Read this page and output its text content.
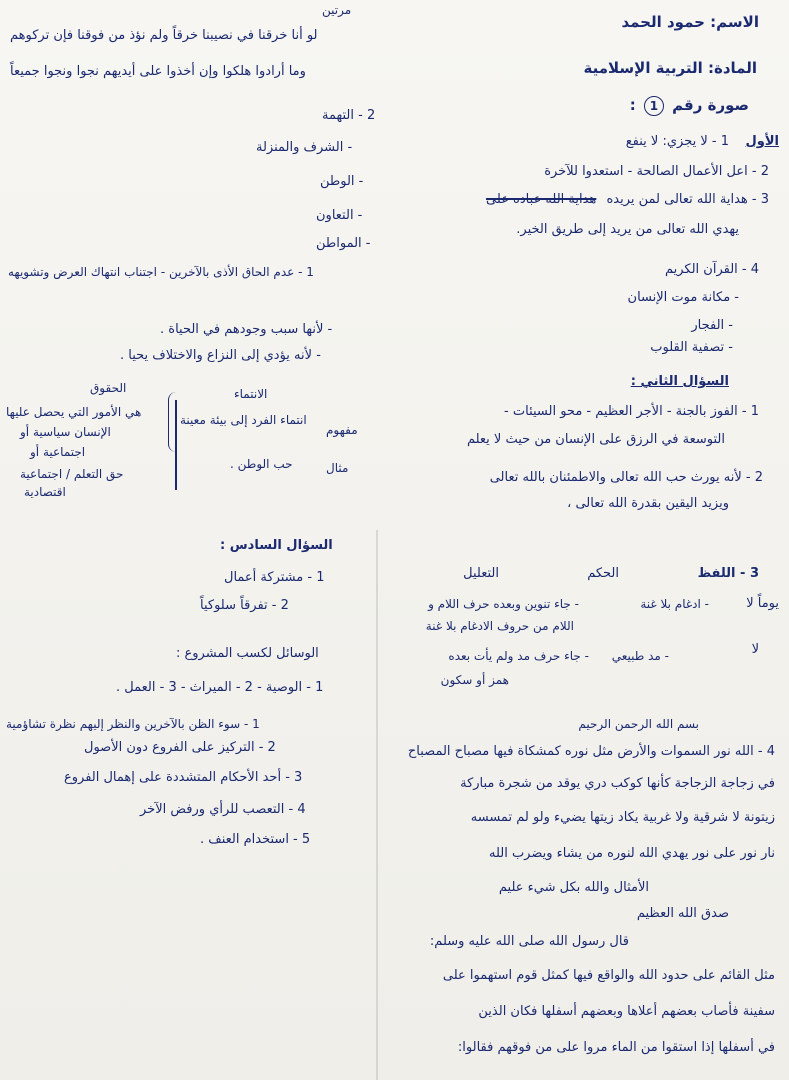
الاسم: حمود الحمد
المادة: التربية الإسلامية
صورة رقم 1 :
الأول
1 - لا يجزي: لا ينفع
2 - اعل الأعمال الصالحة - استعدوا للآخرة
3 - هداية الله تعالى لمن يريده هداية الله عباده على
يهدي الله تعالى من يريد إلى طريق الخير.
4 - القرآن الكريم
- مكانة موت الإنسان
- الفجار
- تصفية القلوب
السؤال الثاني :
1 - الفوز بالجنة - الأجر العظيم - محو السيئات -
التوسعة في الرزق على الإنسان من حيث لا يعلم
2 - لأنه يورث حب الله تعالى والاطمئنان بالله تعالى
ويزيد اليقين بقدرة الله تعالى ،
3 - اللفظ
الحكم
التعليل
يوماً لا
- ادغام بلا غنة
- جاء تنوين وبعده حرف اللام و
اللام من حروف الادغام بلا غنة
لا
- مد طبيعي
- جاء حرف مد ولم يأت بعده
همز أو سكون
بسم الله الرحمن الرحيم
4 - الله نور السموات والأرض مثل نوره كمشكاة فيها مصباح المصباح
في زجاجة الزجاجة كأنها كوكب دري يوقد من شجرة مباركة
زيتونة لا شرقية ولا غربية يكاد زيتها يضيء ولو لم تمسسه
نار نور على نور يهدي الله لنوره من يشاء ويضرب الله
الأمثال والله بكل شيء عليم
صدق الله العظيم
قال رسول الله صلى الله عليه وسلم:
مثل القائم على حدود الله والواقع فيها كمثل قوم استهموا على
سفينة فأصاب بعضهم أعلاها وبعضهم أسفلها فكان الذين
في أسفلها إذا استقوا من الماء مروا على من فوقهم فقالوا:
مرتين
لو أنا خرقنا في نصيبنا خرقاً ولم نؤذ من فوقنا فإن تركوهم
وما أرادوا هلكوا وإن أخذوا على أيديهم نجوا ونجوا جميعاً
2 - التهمة
- الشرف والمنزلة
- الوطن
- التعاون
- المواطن
1 - عدم الحاق الأذى بالآخرين - اجتناب انتهاك العرض وتشويهه
- لأنها سبب وجودهم في الحياة .
- لأنه يؤدي إلى النزاع والاختلاف يحيا .
الحقوق	الانتماء
مفهوم
مثال
انتماء الفرد إلى بيئة معينة
هي الأمور التي يحصل عليها
الإنسان سياسية أو
اجتماعية أو
حب الوطن .
حق التعلم / اجتماعية
اقتصادية
السؤال السادس :
1 - مشتركة أعمال
2 - تفرقاً سلوكياً
الوسائل لكسب المشروع :
1 - الوصية - 2 - الميراث - 3 - العمل .
1 - سوء الظن بالآخرين والنظر إليهم نظرة تشاؤمية
2 - التركيز على الفروع دون الأصول
3 - أحد الأحكام المتشددة على إهمال الفروع
4 - التعصب للرأي ورفض الآخر
5 - استخدام العنف .
